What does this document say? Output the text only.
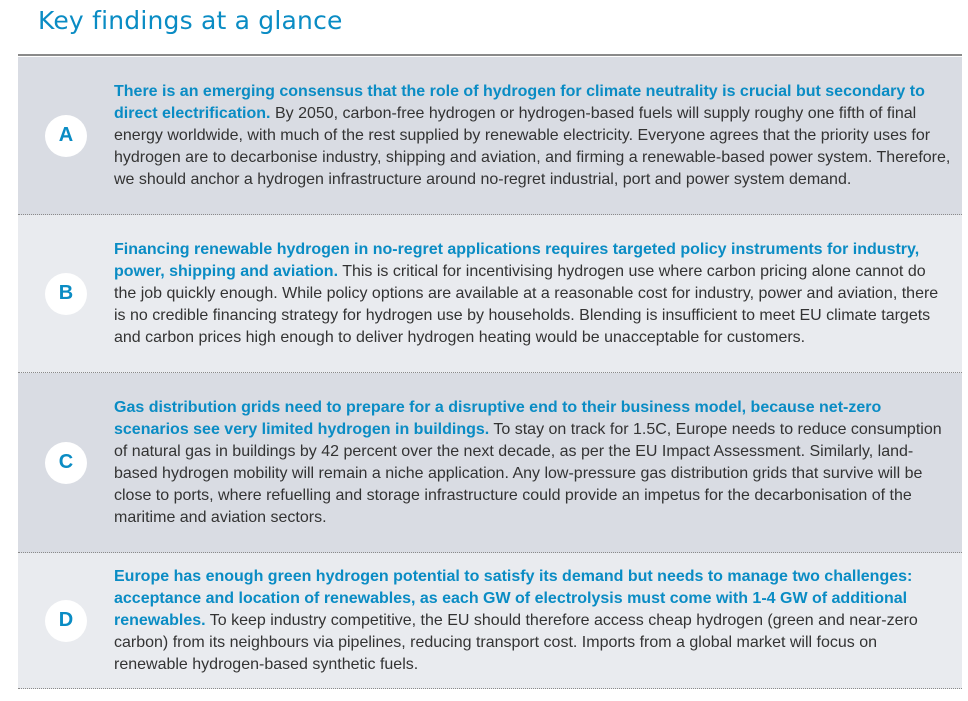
Key findings at a glance
A

There is an emerging consensus that the role of hydrogen for climate neutrality is crucial but secondary to direct electrification. By 2050, carbon-free hydrogen or hydrogen-based fuels will supply roughy one fifth of final energy worldwide, with much of the rest supplied by renewable electricity. Everyone agrees that the priority uses for hydrogen are to decarbonise industry, shipping and aviation, and firming a renewable-based power system. Therefore, we should anchor a hydrogen infrastructure around no-regret industrial, port and power system demand.

B

Financing renewable hydrogen in no-regret applications requires targeted policy instruments for industry, power, shipping and aviation. This is critical for incentivising hydrogen use where carbon pricing alone cannot do the job quickly enough. While policy options are available at a reasonable cost for industry, power and aviation, there is no credible financing strategy for hydrogen use by households. Blending is insufficient to meet EU climate targets and carbon prices high enough to deliver hydrogen heating would be unacceptable for customers.

C

Gas distribution grids need to prepare for a disruptive end to their business model, because net-zero scenarios see very limited hydrogen in buildings. To stay on track for 1.5C, Europe needs to reduce consumption of natural gas in buildings by 42 percent over the next decade, as per the EU Impact Assessment. Similarly, land-based hydrogen mobility will remain a niche application. Any low-pressure gas distribution grids that survive will be close to ports, where refuelling and storage infrastructure could provide an impetus for the decarbonisation of the maritime and aviation sectors.

D

Europe has enough green hydrogen potential to satisfy its demand but needs to manage two challenges: acceptance and location of renewables, as each GW of electrolysis must come with 1-4 GW of additional renewables. To keep industry competitive, the EU should therefore access cheap hydrogen (green and near-zero carbon) from its neighbours via pipelines, reducing transport cost. Imports from a global market will focus on renewable hydrogen-based synthetic fuels.
